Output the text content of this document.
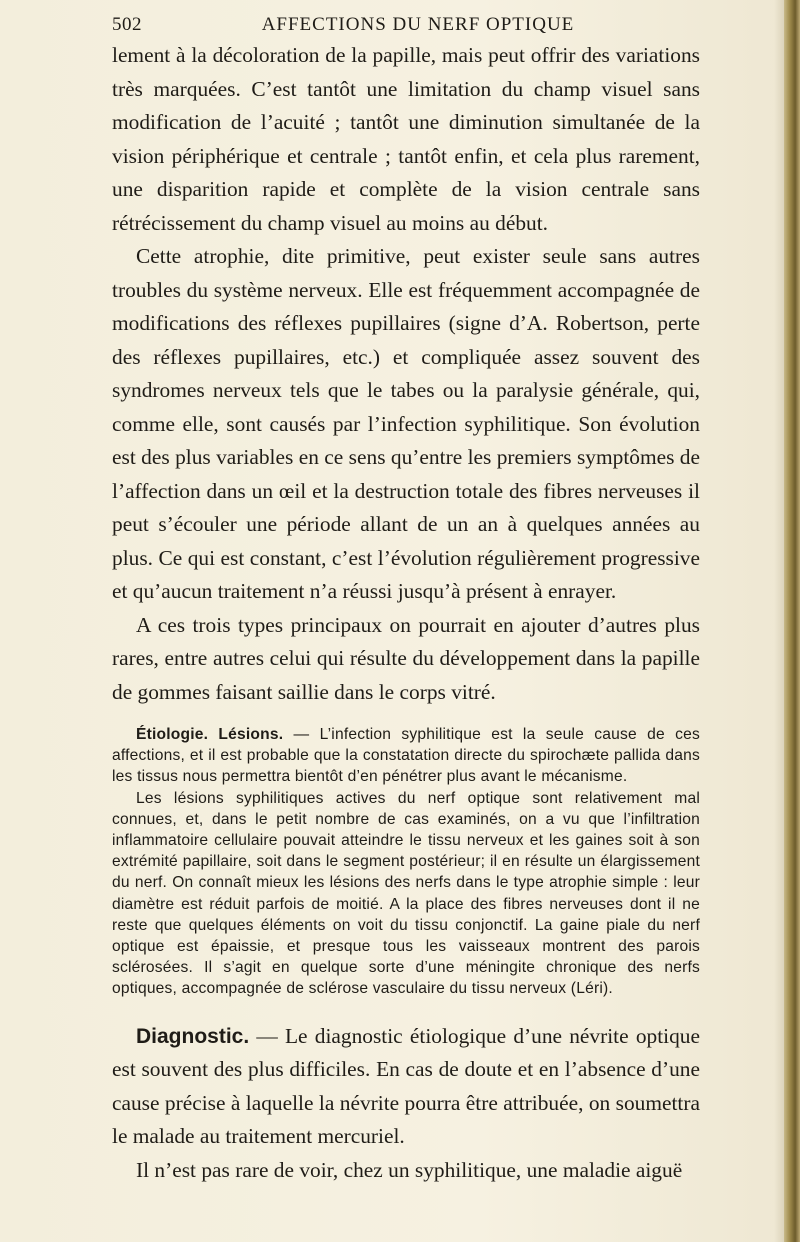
502	AFFECTIONS DU NERF OPTIQUE

lement à la décoloration de la papille, mais peut offrir des variations très marquées. C’est tantôt une limitation du champ visuel sans modification de l’acuité ; tantôt une diminution simultanée de la vision périphérique et centrale ; tantôt enfin, et cela plus rarement, une disparition rapide et complète de la vision centrale sans rétrécissement du champ visuel au moins au début.

Cette atrophie, dite primitive, peut exister seule sans autres troubles du système nerveux. Elle est fréquemment accompagnée de modifications des réflexes pupillaires (signe d’A. Robertson, perte des réflexes pupillaires, etc.) et compliquée assez souvent des syndromes nerveux tels que le tabes ou la paralysie générale, qui, comme elle, sont causés par l’infection syphilitique. Son évolution est des plus variables en ce sens qu’entre les premiers symptômes de l’affection dans un œil et la destruction totale des fibres nerveuses il peut s’écouler une période allant de un an à quelques années au plus. Ce qui est constant, c’est l’évolution régulièrement progressive et qu’aucun traitement n’a réussi jusqu’à présent à enrayer.

A ces trois types principaux on pourrait en ajouter d’autres plus rares, entre autres celui qui résulte du développement dans la papille de gommes faisant saillie dans le corps vitré.

Étiologie. Lésions. — L’infection syphilitique est la seule cause de ces affections, et il est probable que la constatation directe du spirochæte pallida dans les tissus nous permettra bientôt d’en pénétrer plus avant le mécanisme.

Les lésions syphilitiques actives du nerf optique sont relativement mal connues, et, dans le petit nombre de cas examinés, on a vu que l’infiltration inflammatoire cellulaire pouvait atteindre le tissu nerveux et les gaines soit à son extrémité papillaire, soit dans le segment postérieur; il en résulte un élargissement du nerf. On connaît mieux les lésions des nerfs dans le type atrophie simple : leur diamètre est réduit parfois de moitié. A la place des fibres nerveuses dont il ne reste que quelques éléments on voit du tissu conjonctif. La gaine piale du nerf optique est épaissie, et presque tous les vaisseaux montrent des parois sclérosées. Il s’agit en quelque sorte d’une méningite chronique des nerfs optiques, accompagnée de sclérose vasculaire du tissu nerveux (Léri).

Diagnostic. — Le diagnostic étiologique d’une névrite optique est souvent des plus difficiles. En cas de doute et en l’absence d’une cause précise à laquelle la névrite pourra être attribuée, on soumettra le malade au traitement mercuriel.

Il n’est pas rare de voir, chez un syphilitique, une maladie aiguë
